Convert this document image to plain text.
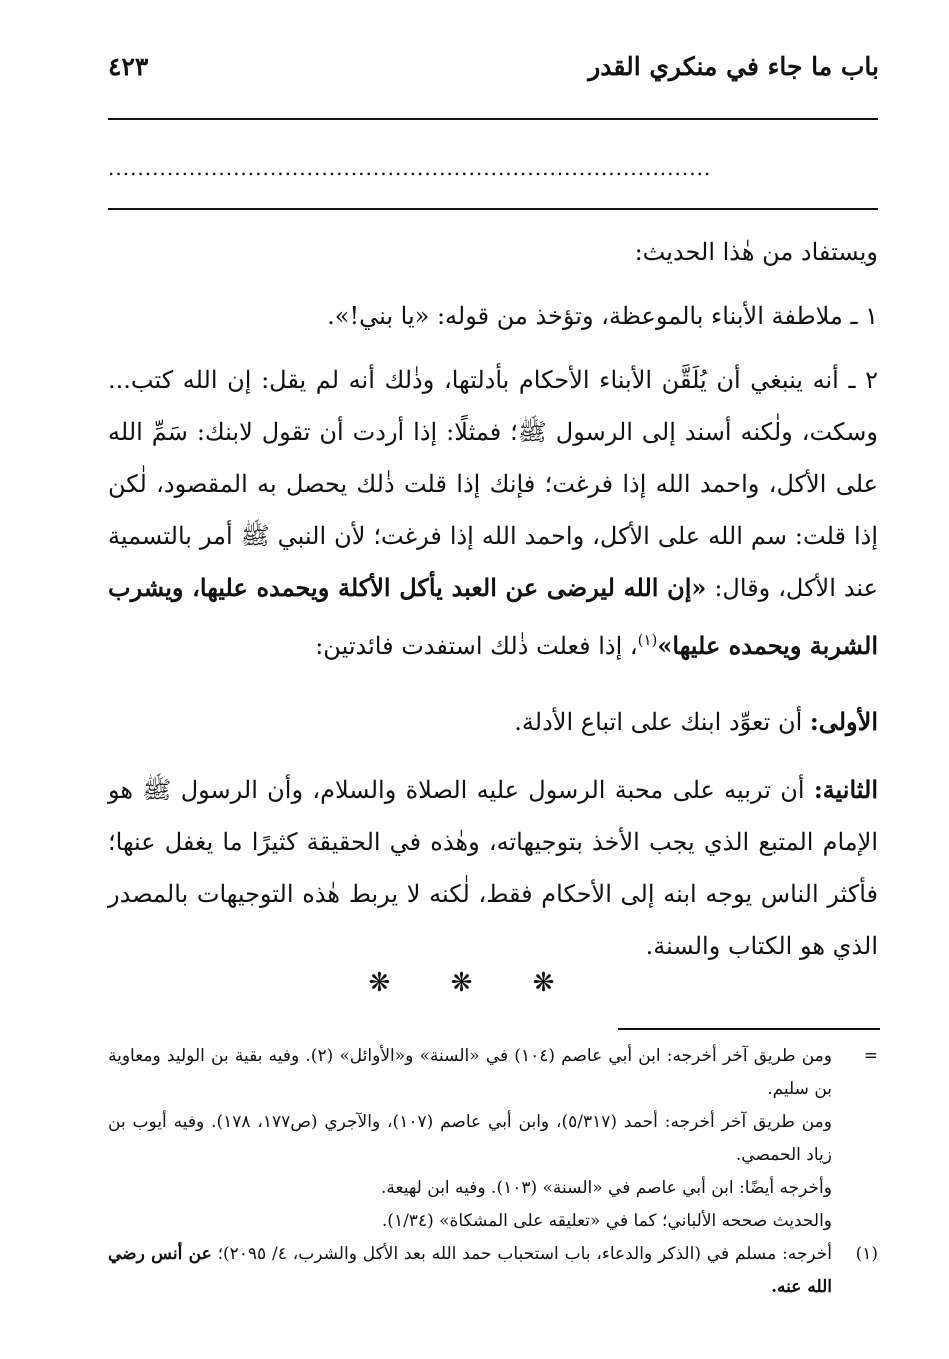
باب ما جاء في منكري القدر
٤٢٣
..................................................................................
ويستفاد من هٰذا الحديث:
١ ـ ملاطفة الأبناء بالموعظة، وتؤخذ من قوله: «يا بني!».
٢ ـ أنه ينبغي أن يُلَقَّن الأبناء الأحكام بأدلتها، وذٰلك أنه لم يقل: إن الله كتب... وسكت، ولٰكنه أسند إلى الرسول ﷺ؛ فمثلًا: إذا أردت أن تقول لابنك: سَمِّ الله على الأكل، واحمد الله إذا فرغت؛ فإنك إذا قلت ذٰلك يحصل به المقصود، لٰكن إذا قلت: سم الله على الأكل، واحمد الله إذا فرغت؛ لأن النبي ﷺ أمر بالتسمية عند الأكل، وقال: «إن الله ليرضى عن العبد يأكل الأكلة ويحمده عليها، ويشرب الشربة ويحمده عليها»$^{(١)}$، إذا فعلت ذٰلك استفدت فائدتين:
الأولى: أن تعوِّد ابنك على اتباع الأدلة.
الثانية: أن تربيه على محبة الرسول عليه الصلاة والسلام، وأن الرسول ﷺ هو الإمام المتبع الذي يجب الأخذ بتوجيهاته، وهٰذه في الحقيقة كثيرًا ما يغفل عنها؛ فأكثر الناس يوجه ابنه إلى الأحكام فقط، لٰكنه لا يربط هٰذه التوجيهات بالمصدر الذي هو الكتاب والسنة.
❋ ❋ ❋
=
ومن طريق آخر أخرجه: ابن أبي عاصم (١٠٤) في «السنة» و«الأوائل» (٢). وفيه بقية بن الوليد ومعاوية بن سليم.
ومن طريق آخر أخرجه: أحمد (٥/٣١٧)، وابن أبي عاصم (١٠٧)، والآجري (ص١٧٧، ١٧٨). وفيه أيوب بن زياد الحمصي.
وأخرجه أيضًا: ابن أبي عاصم في «السنة» (١٠٣). وفيه ابن لهيعة.
والحديث صححه الألباني؛ كما في «تعليقه على المشكاة» (١/٣٤).
(١)
أخرجه: مسلم في (الذكر والدعاء، باب استحباب حمد الله بعد الأكل والشرب، ٤/ ٢٠٩٥)؛ عن أنس رضي الله عنه.
